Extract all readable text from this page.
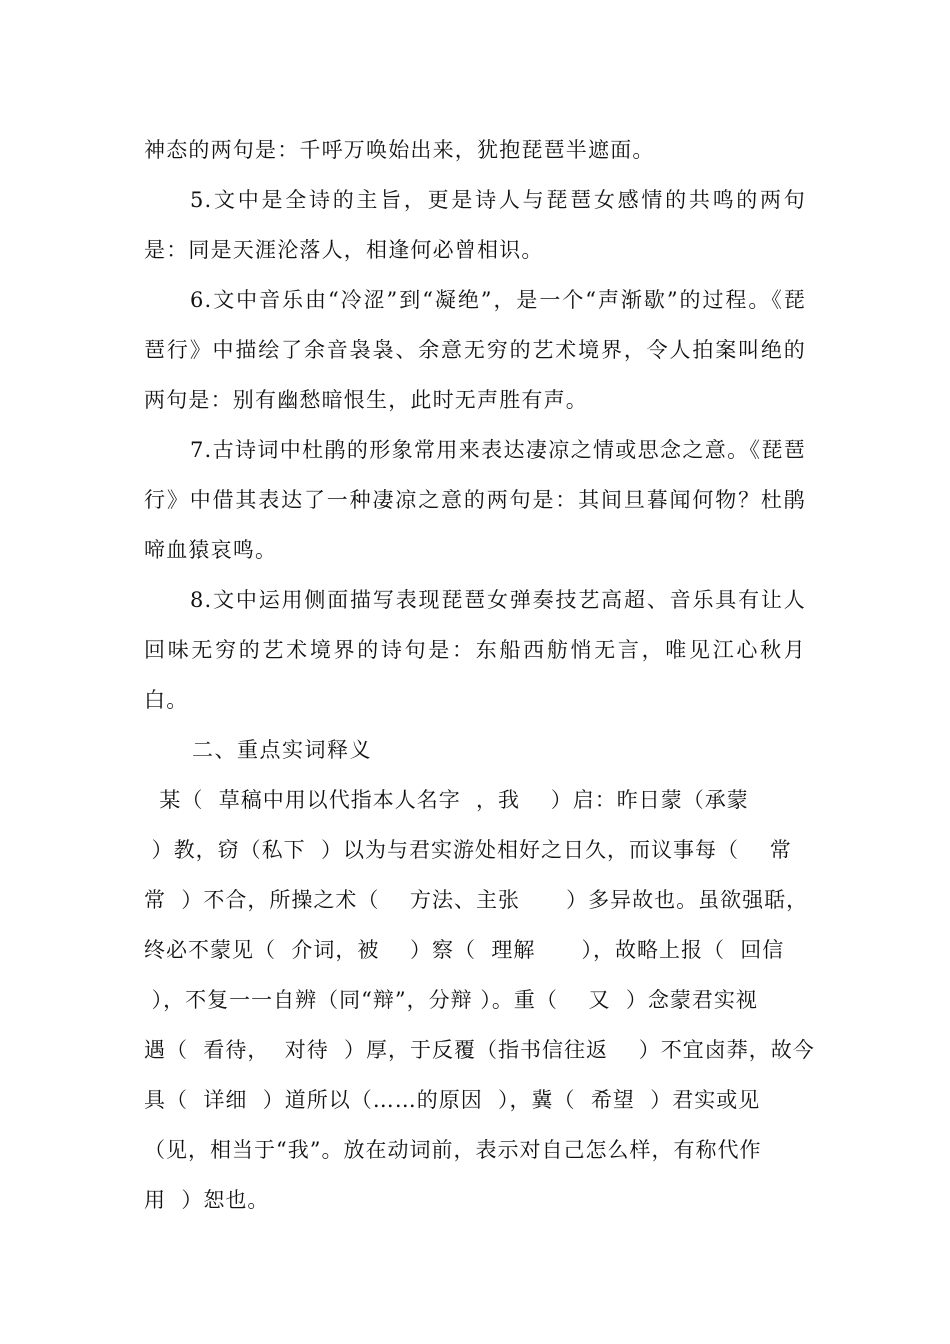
神态的两句是：千呼万唤始出来，犹抱琵琶半遮面。

5.文中是全诗的主旨，更是诗人与琵琶女感情的共鸣的两句是：同是天涯沦落人，相逢何必曾相识。

6.文中音乐由“冷涩”到“凝绝”，是一个“声渐歇”的过程。《琵琶行》中描绘了余音袅袅、余意无穷的艺术境界，令人拍案叫绝的两句是：别有幽愁暗恨生，此时无声胜有声。

7.古诗词中杜鹃的形象常用来表达凄凉之情或思念之意。《琵琶行》中借其表达了一种凄凉之意的两句是：其间旦暮闻何物？杜鹃啼血猿哀鸣。

8.文中运用侧面描写表现琵琶女弹奏技艺高超、音乐具有让人回味无穷的艺术境界的诗句是：东船西舫悄无言，唯见江心秋月白。

二、重点实词释义

某（  草稿中用以代指本人名字  ，我    ）启：昨日蒙（承蒙
）教，窃（私下  ）以为与君实游处相好之日久，而议事每（    常
常  ）不合，所操之术（    方法、主张      ）多异故也。虽欲强聒，
终必不蒙见（  介词，被    ）察（  理解      ），故略上报（  回信
），不复一一自辨（同“辩”，分辩 ）。重（    又  ）念蒙君实视
遇（  看待，  对待  ）厚，于反覆（指书信往返    ）不宜卤莽，故今
具（  详细  ）道所以（……的原因  ），冀（  希望  ）君实或见
（见，相当于“我”。放在动词前，表示对自己怎么样，有称代作
用  ）恕也。
